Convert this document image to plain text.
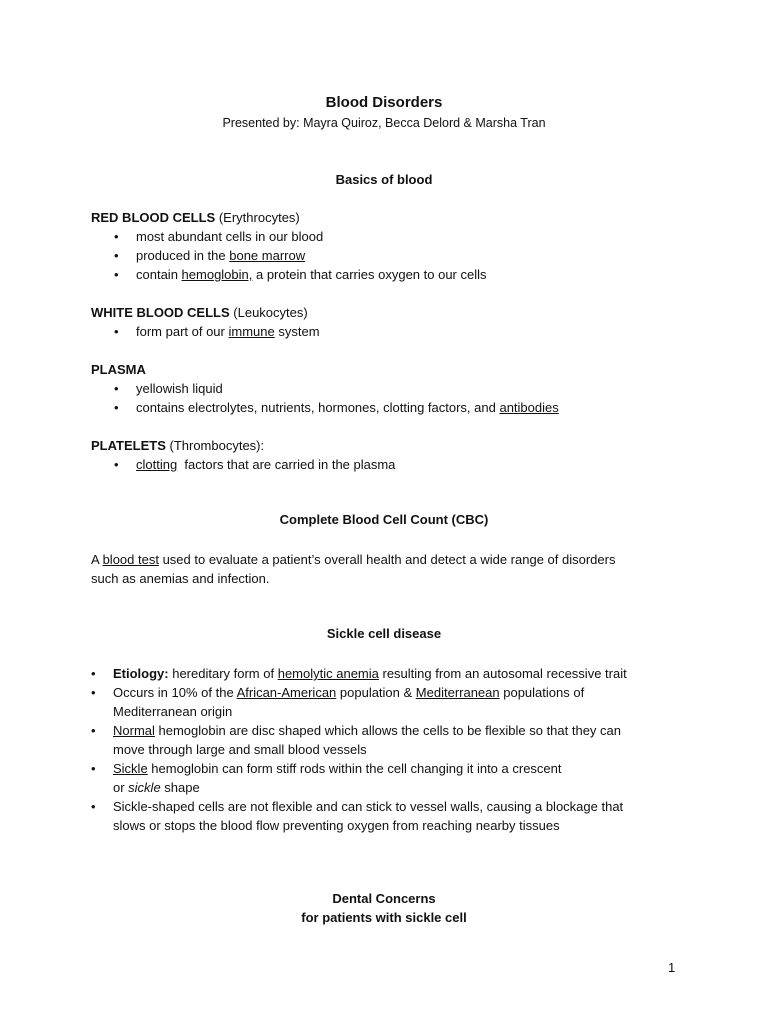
Blood Disorders
Presented by: Mayra Quiroz, Becca Delord & Marsha Tran
Basics of blood
RED BLOOD CELLS (Erythrocytes)
• most abundant cells in our blood
• produced in the bone marrow
• contain hemoglobin, a protein that carries oxygen to our cells
WHITE BLOOD CELLS (Leukocytes)
• form part of our immune system
PLASMA
• yellowish liquid
• contains electrolytes, nutrients, hormones, clotting factors, and antibodies
PLATELETS (Thrombocytes):
• clotting  factors that are carried in the plasma
Complete Blood Cell Count (CBC)
A blood test used to evaluate a patient’s overall health and detect a wide range of disorders
such as anemias and infection.
Sickle cell disease
• Etiology: hereditary form of hemolytic anemia resulting from an autosomal recessive trait
• Occurs in 10% of the African-American population & Mediterranean populations of
Mediterranean origin
• Normal hemoglobin are disc shaped which allows the cells to be flexible so that they can
move through large and small blood vessels
• Sickle hemoglobin can form stiff rods within the cell changing it into a crescent
or sickle shape
• Sickle-shaped cells are not flexible and can stick to vessel walls, causing a blockage that
slows or stops the blood flow preventing oxygen from reaching nearby tissues
Dental Concerns
for patients with sickle cell
1
